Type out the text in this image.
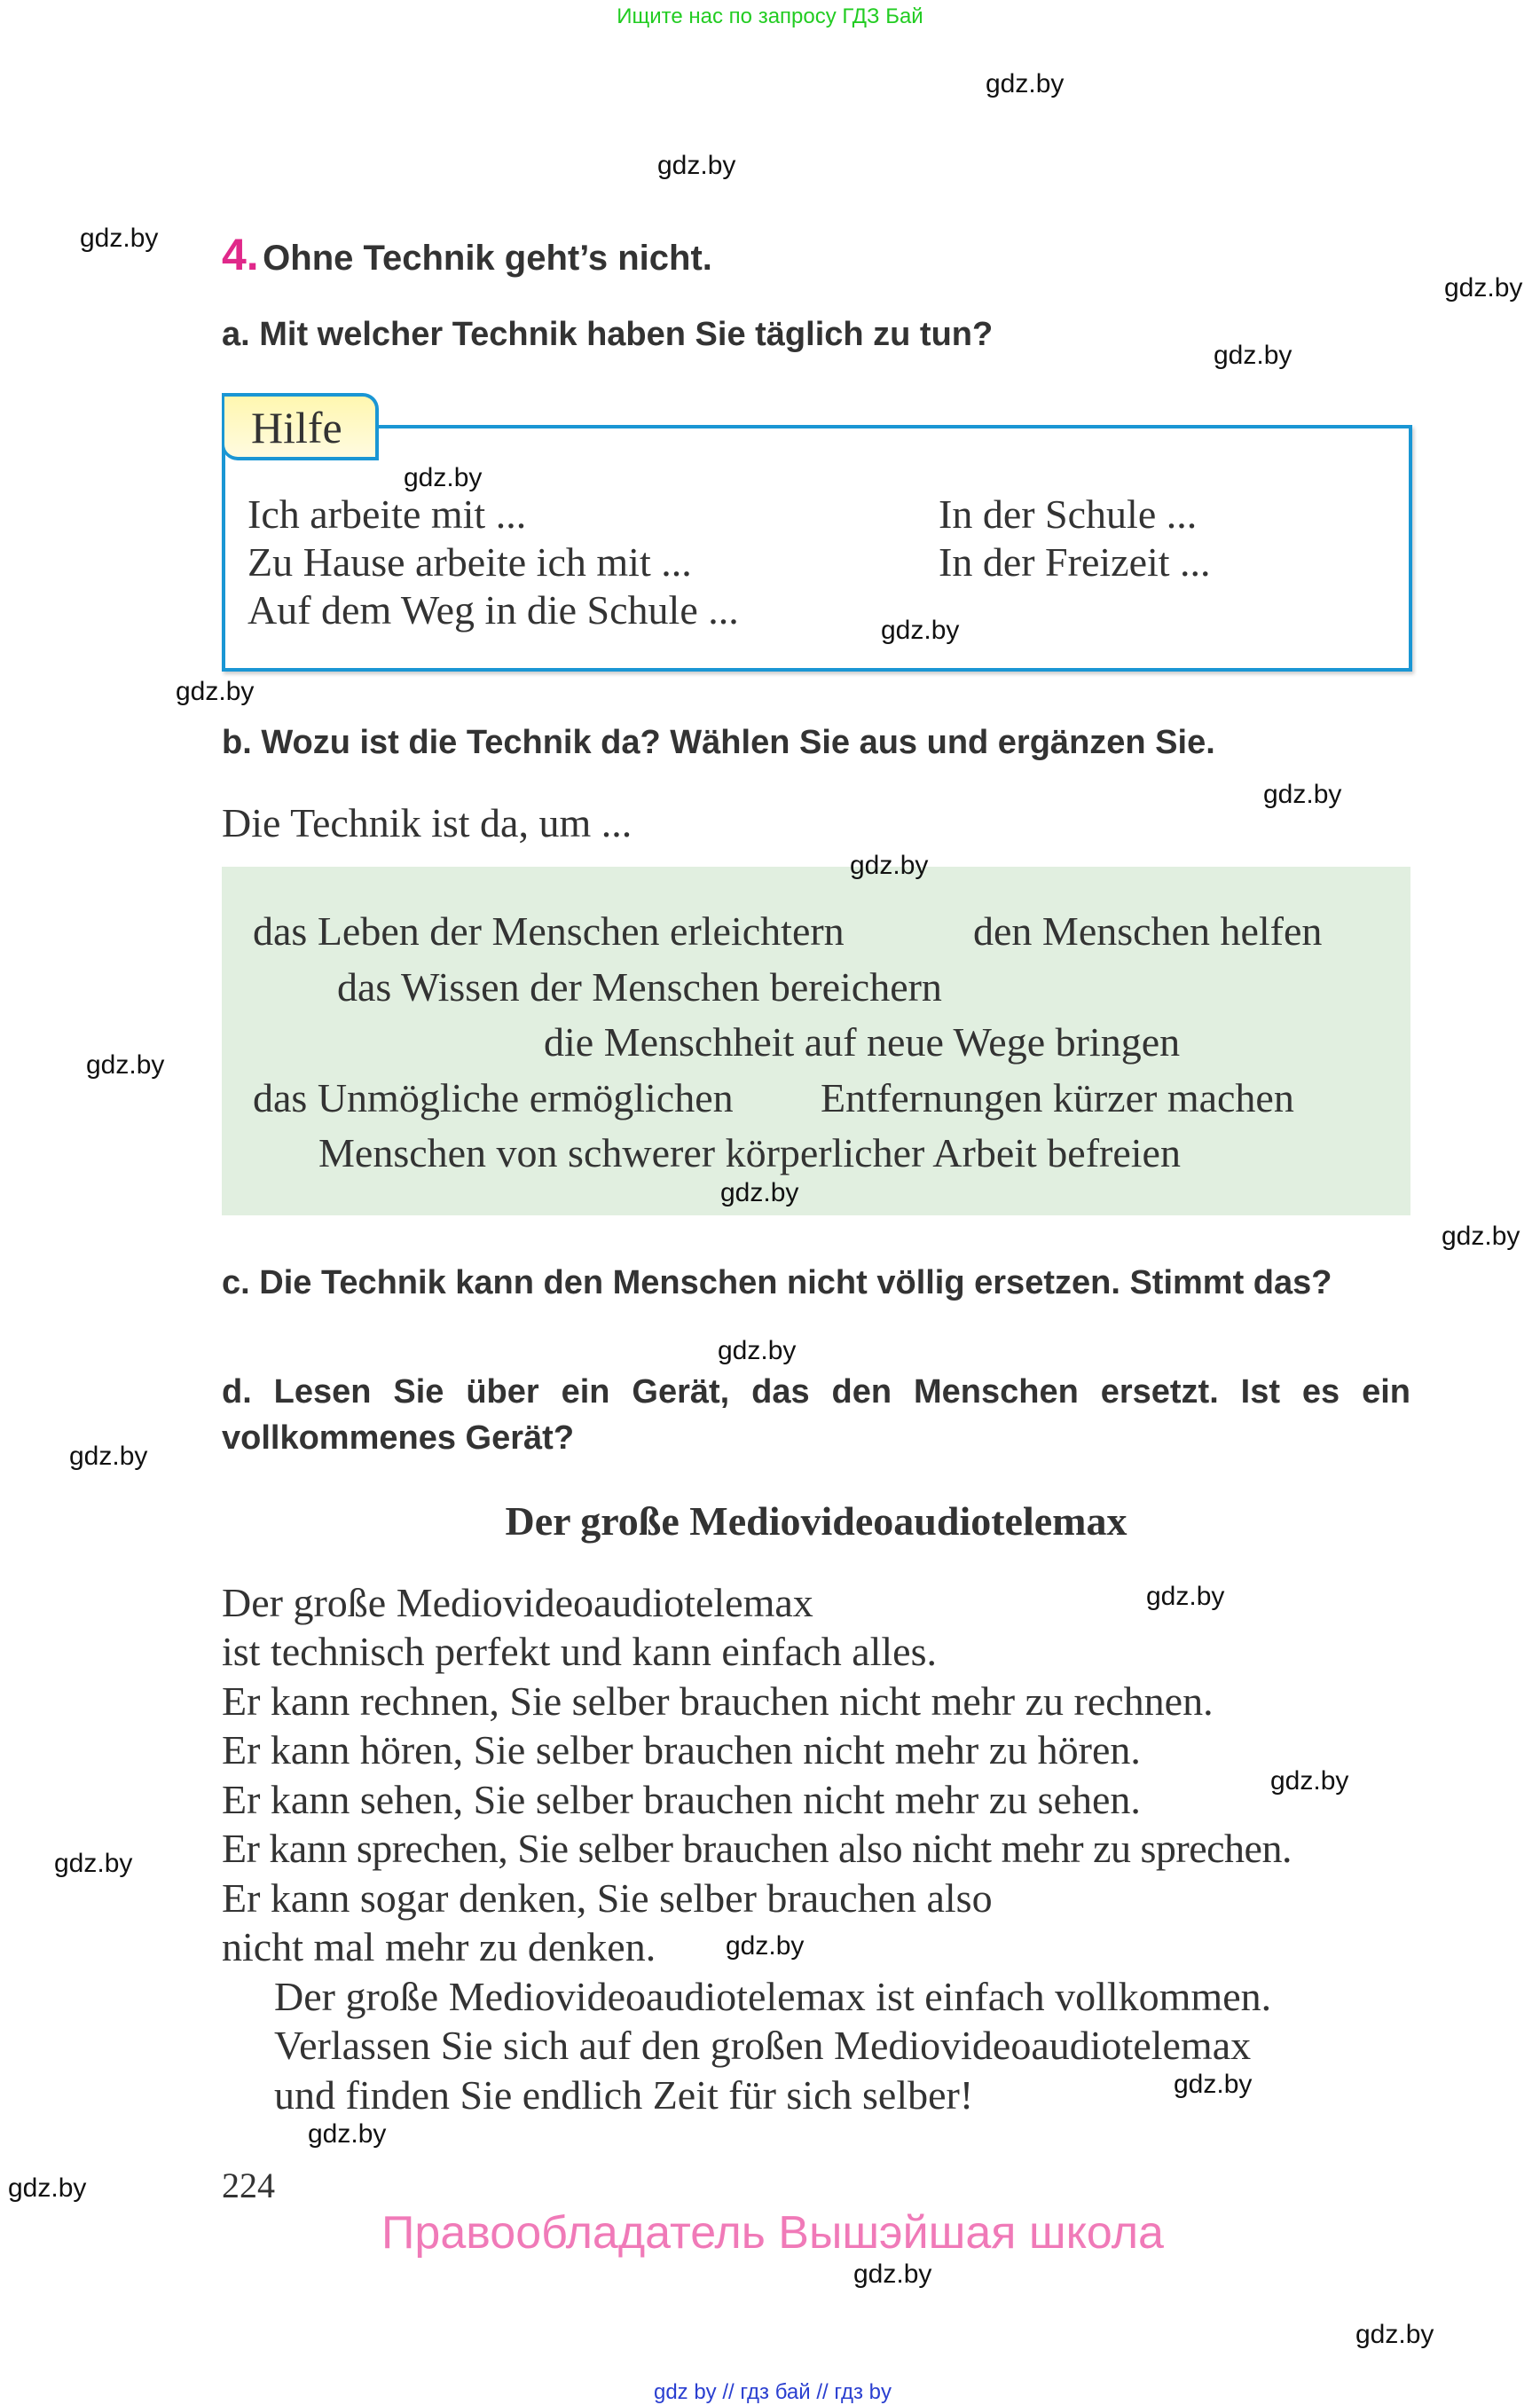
Ищите нас по запросу ГДЗ Бай
4. Ohne Technik geht’s nicht.
a. Mit welcher Technik haben Sie täglich zu tun?
Hilfe
Ich arbeite mit ...
Zu Hause arbeite ich mit ...
Auf dem Weg in die Schule ...
In der Schule ...
In der Freizeit ...
b. Wozu ist die Technik da? Wählen Sie aus und ergänzen Sie.
Die Technik ist da, um ...
das Leben der Menschen erleichtern	den Menschen helfen
das Wissen der Menschen bereichern
die Menschheit auf neue Wege bringen
das Unmögliche ermöglichen Entfernungen kürzer machen
Menschen von schwerer körperlicher Arbeit befreien
c. Die Technik kann den Menschen nicht völlig ersetzen. Stimmt das?
d. Lesen Sie über ein Gerät, das den Menschen ersetzt. Ist es ein
vollkommenes Gerät?
Der große Mediovideoaudiotelemax
Der große Mediovideoaudiotelemax
ist technisch perfekt und kann einfach alles.
Er kann rechnen, Sie selber brauchen nicht mehr zu rechnen.
Er kann hören, Sie selber brauchen nicht mehr zu hören.
Er kann sehen, Sie selber brauchen nicht mehr zu sehen.
Er kann sprechen, Sie selber brauchen also nicht mehr zu sprechen.
Er kann sogar denken, Sie selber brauchen also
nicht mal mehr zu denken.
Der große Mediovideoaudiotelemax ist einfach vollkommen.
Verlassen Sie sich auf den großen Mediovideoaudiotelemax
und finden Sie endlich Zeit für sich selber!
224
Правообладатель Вышэйшая школа
gdz by // гдз бай // гдз by
gdz.by
gdz.by
gdz.by
gdz.by
gdz.by
gdz.by
gdz.by
gdz.by
gdz.by
gdz.by
gdz.by
gdz.by
gdz.by
gdz.by
gdz.by
gdz.by
gdz.by
gdz.by
gdz.by
gdz.by
gdz.by
gdz.by
gdz.by
gdz.by
